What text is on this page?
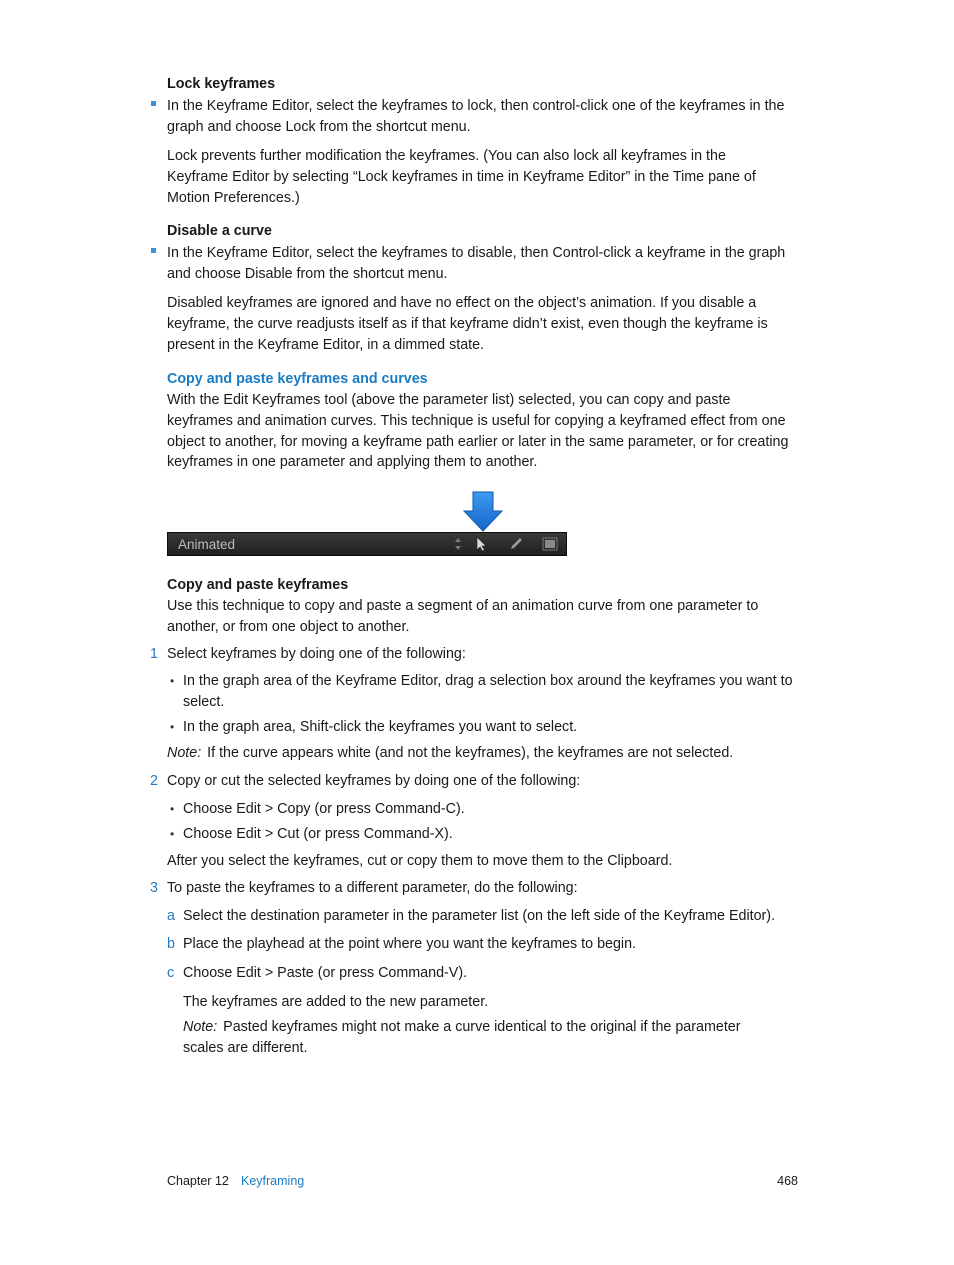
Lock keyframes

In the Keyframe Editor, select the keyframes to lock, then control-click one of the keyframes in the graph and choose Lock from the shortcut menu.

Lock prevents further modification the keyframes. (You can also lock all keyframes in the Keyframe Editor by selecting “Lock keyframes in time in Keyframe Editor” in the Time pane of Motion Preferences.)

Disable a curve

In the Keyframe Editor, select the keyframes to disable, then Control-click a keyframe in the graph and choose Disable from the shortcut menu.

Disabled keyframes are ignored and have no effect on the object’s animation. If you disable a keyframe, the curve readjusts itself as if that keyframe didn’t exist, even though the keyframe is present in the Keyframe Editor, in a dimmed state.

Copy and paste keyframes and curves

With the Edit Keyframes tool (above the parameter list) selected, you can copy and paste keyframes and animation curves. This technique is useful for copying a keyframed effect from one object to another, for moving a keyframe path earlier or later in the same parameter, or for creating keyframes in one parameter and applying them to another.

Animated
Copy and paste keyframes

Use this technique to copy and paste a segment of an animation curve from one parameter to another, or from one object to another.

1 Select keyframes by doing one of the following:

• In the graph area of the Keyframe Editor, drag a selection box around the keyframes you want to select.

• In the graph area, Shift-click the keyframes you want to select.

Note: If the curve appears white (and not the keyframes), the keyframes are not selected.

2 Copy or cut the selected keyframes by doing one of the following:

• Choose Edit > Copy (or press Command-C).

• Choose Edit > Cut (or press Command-X).

After you select the keyframes, cut or copy them to move them to the Clipboard.

3 To paste the keyframes to a different parameter, do the following:

a Select the destination parameter in the parameter list (on the left side of the Keyframe Editor).

b Place the playhead at the point where you want the keyframes to begin.

c Choose Edit > Paste (or press Command-V).

The keyframes are added to the new parameter.

Note: Pasted keyframes might not make a curve identical to the original if the parameter scales are different.

Chapter 12 Keyframing	468
